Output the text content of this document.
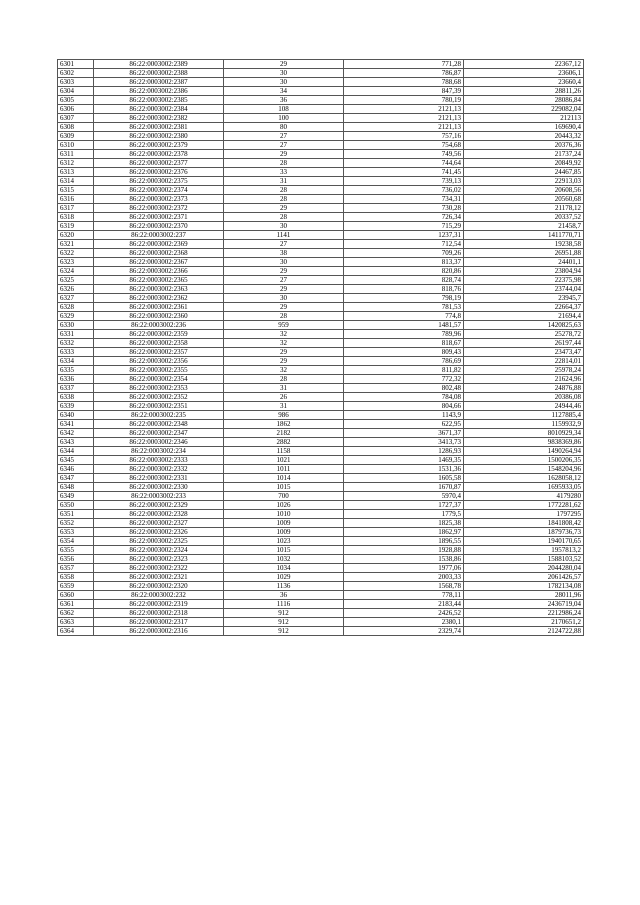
6301	86:22:0003002:2389	29	771,28	22367,12
6302	86:22:0003002:2388	30	786,87	23606,1
6303	86:22:0003002:2387	30	788,68	23660,4
6304	86:22:0003002:2386	34	847,39	28811,26
6305	86:22:0003002:2385	36	780,19	28086,84
6306	86:22:0003002:2384	108	2121,13	229082,04
6307	86:22:0003002:2382	100	2121,13	212113
6308	86:22:0003002:2381	80	2121,13	169690,4
6309	86:22:0003002:2380	27	757,16	20443,32
6310	86:22:0003002:2379	27	754,68	20376,36
6311	86:22:0003002:2378	29	749,56	21737,24
6312	86:22:0003002:2377	28	744,64	20849,92
6313	86:22:0003002:2376	33	741,45	24467,85
6314	86:22:0003002:2375	31	739,13	22913,03
6315	86:22:0003002:2374	28	736,02	20608,56
6316	86:22:0003002:2373	28	734,31	20560,68
6317	86:22:0003002:2372	29	730,28	21178,12
6318	86:22:0003002:2371	28	726,34	20337,52
6319	86:22:0003002:2370	30	715,29	21458,7
6320	86:22:0003002:237	1141	1237,31	1411770,71
6321	86:22:0003002:2369	27	712,54	19238,58
6322	86:22:0003002:2368	38	709,26	26951,88
6323	86:22:0003002:2367	30	813,37	24401,1
6324	86:22:0003002:2366	29	820,86	23804,94
6325	86:22:0003002:2365	27	828,74	22375,98
6326	86:22:0003002:2363	29	818,76	23744,04
6327	86:22:0003002:2362	30	798,19	23945,7
6328	86:22:0003002:2361	29	781,53	22664,37
6329	86:22:0003002:2360	28	774,8	21694,4
6330	86:22:0003002:236	959	1481,57	1420825,63
6331	86:22:0003002:2359	32	789,96	25278,72
6332	86:22:0003002:2358	32	818,67	26197,44
6333	86:22:0003002:2357	29	809,43	23473,47
6334	86:22:0003002:2356	29	786,69	22814,01
6335	86:22:0003002:2355	32	811,82	25978,24
6336	86:22:0003002:2354	28	772,32	21624,96
6337	86:22:0003002:2353	31	802,48	24876,88
6338	86:22:0003002:2352	26	784,08	20386,08
6339	86:22:0003002:2351	31	804,66	24944,46
6340	86:22:0003002:235	986	1143,9	1127885,4
6341	86:22:0003002:2348	1862	622,95	1159932,9
6342	86:22:0003002:2347	2182	3671,37	8010929,34
6343	86:22:0003002:2346	2882	3413,73	9838369,86
6344	86:22:0003002:234	1158	1286,93	1490264,94
6345	86:22:0003002:2333	1021	1469,35	1500206,35
6346	86:22:0003002:2332	1011	1531,36	1548204,96
6347	86:22:0003002:2331	1014	1605,58	1628058,12
6348	86:22:0003002:2330	1015	1670,87	1695933,05
6349	86:22:0003002:233	700	5970,4	4179280
6350	86:22:0003002:2329	1026	1727,37	1772281,62
6351	86:22:0003002:2328	1010	1779,5	1797295
6352	86:22:0003002:2327	1009	1825,38	1841808,42
6353	86:22:0003002:2326	1009	1862,97	1879736,73
6354	86:22:0003002:2325	1023	1896,55	1940170,65
6355	86:22:0003002:2324	1015	1928,88	1957813,2
6356	86:22:0003002:2323	1032	1538,86	1588103,52
6357	86:22:0003002:2322	1034	1977,06	2044280,04
6358	86:22:0003002:2321	1029	2003,33	2061426,57
6359	86:22:0003002:2320	1136	1568,78	1782134,08
6360	86:22:0003002:232	36	778,11	28011,96
6361	86:22:0003002:2319	1116	2183,44	2436719,04
6362	86:22:0003002:2318	912	2426,52	2212986,24
6363	86:22:0003002:2317	912	2380,1	2170651,2
6364	86:22:0003002:2316	912	2329,74	2124722,88
